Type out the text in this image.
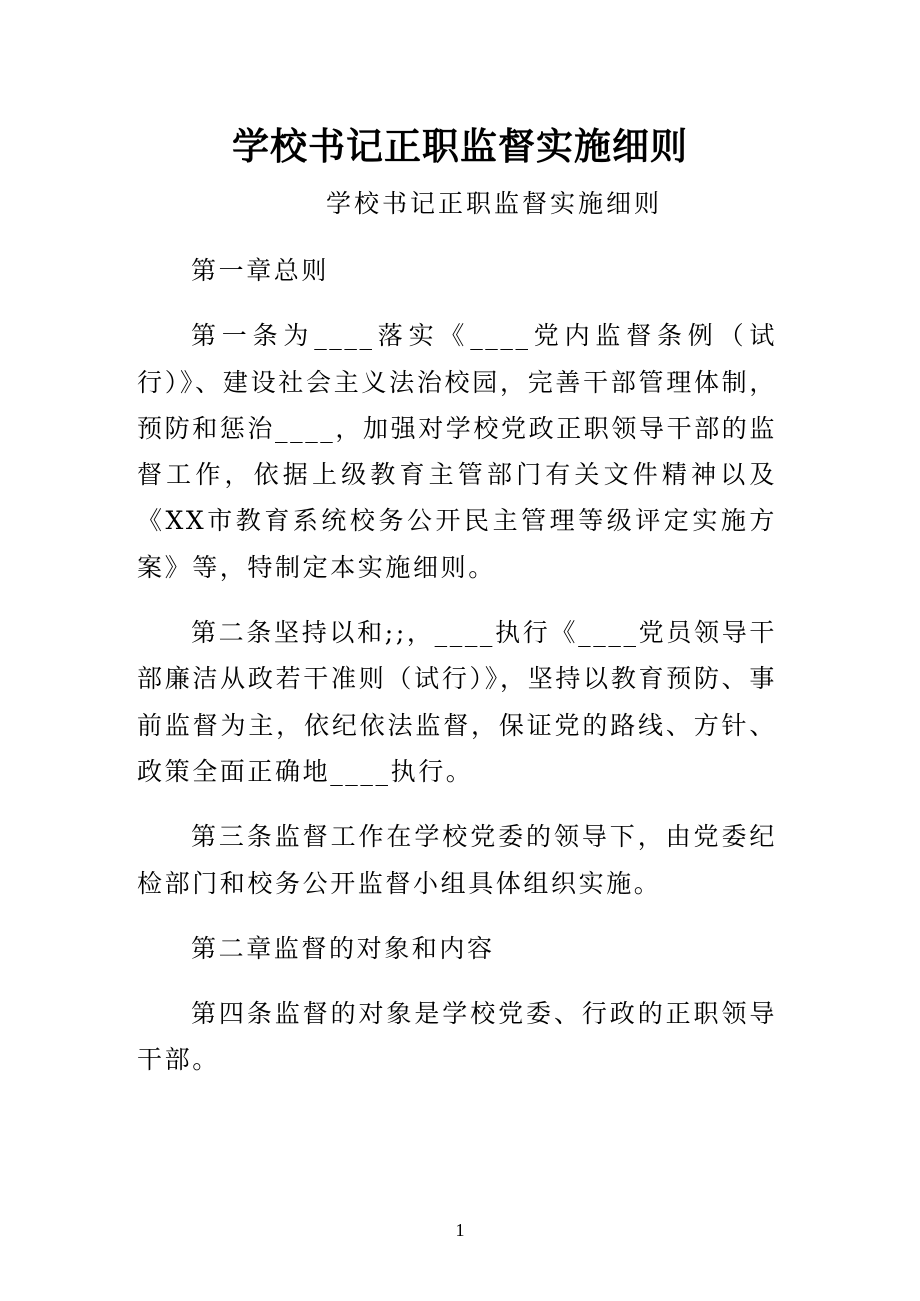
学校书记正职监督实施细则
学校书记正职监督实施细则

第一章总则

第一条为____落实《____党内监督条例（试行）》、建设社会主义法治校园，完善干部管理体制，预防和惩治____，加强对学校党政正职领导干部的监督工作，依据上级教育主管部门有关文件精神以及《XX市教育系统校务公开民主管理等级评定实施方案》等，特制定本实施细则。

第二条坚持以和;;，____执行《____党员领导干部廉洁从政若干准则（试行）》，坚持以教育预防、事前监督为主，依纪依法监督，保证党的路线、方针、政策全面正确地____执行。

第三条监督工作在学校党委的领导下，由党委纪检部门和校务公开监督小组具体组织实施。

第二章监督的对象和内容

第四条监督的对象是学校党委、行政的正职领导干部。

1
